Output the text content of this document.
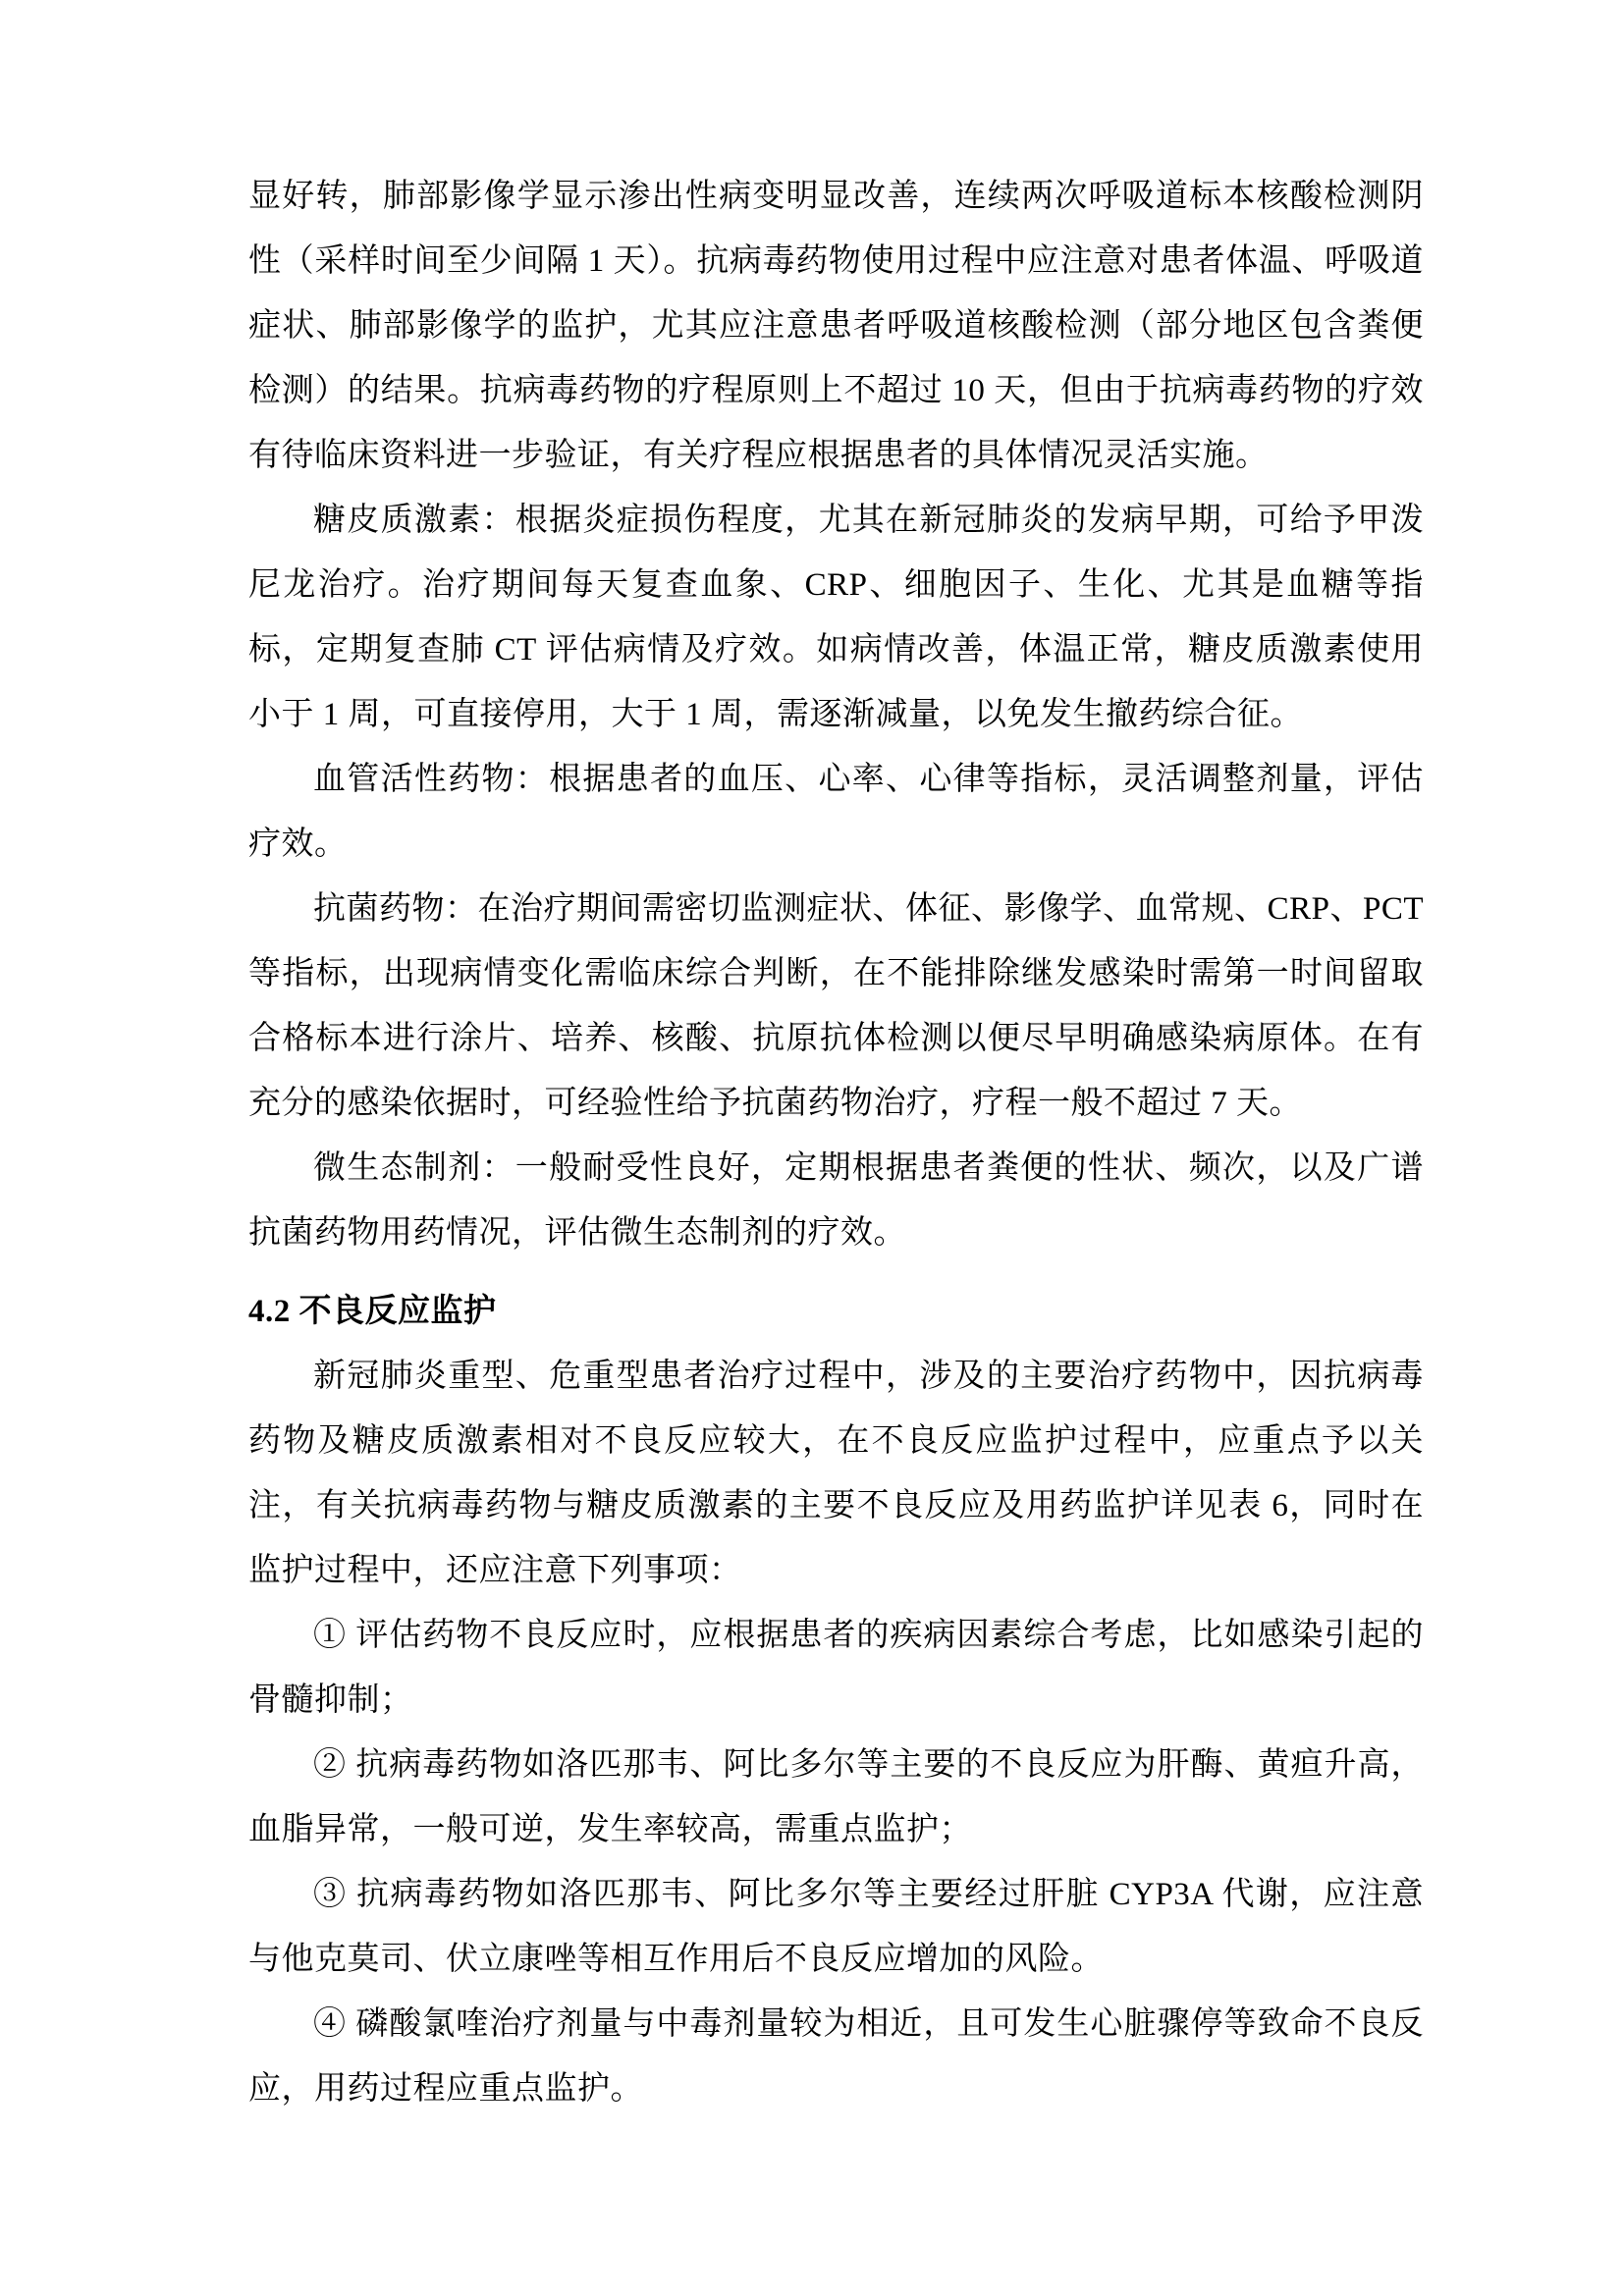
显好转，肺部影像学显示渗出性病变明显改善，连续两次呼吸道标本核酸检测阴性（采样时间至少间隔 1 天）。抗病毒药物使用过程中应注意对患者体温、呼吸道症状、肺部影像学的监护，尤其应注意患者呼吸道核酸检测（部分地区包含粪便检测）的结果。抗病毒药物的疗程原则上不超过 10 天，但由于抗病毒药物的疗效有待临床资料进一步验证，有关疗程应根据患者的具体情况灵活实施。

糖皮质激素：根据炎症损伤程度，尤其在新冠肺炎的发病早期，可给予甲泼尼龙治疗。治疗期间每天复查血象、CRP、细胞因子、生化、尤其是血糖等指标，定期复查肺 CT 评估病情及疗效。如病情改善，体温正常，糖皮质激素使用小于 1 周，可直接停用，大于 1 周，需逐渐减量，以免发生撤药综合征。

血管活性药物：根据患者的血压、心率、心律等指标，灵活调整剂量，评估疗效。

抗菌药物：在治疗期间需密切监测症状、体征、影像学、血常规、CRP、PCT 等指标，出现病情变化需临床综合判断，在不能排除继发感染时需第一时间留取合格标本进行涂片、培养、核酸、抗原抗体检测以便尽早明确感染病原体。在有充分的感染依据时，可经验性给予抗菌药物治疗，疗程一般不超过 7 天。

微生态制剂：一般耐受性良好，定期根据患者粪便的性状、频次，以及广谱抗菌药物用药情况，评估微生态制剂的疗效。

4.2 不良反应监护

新冠肺炎重型、危重型患者治疗过程中，涉及的主要治疗药物中，因抗病毒药物及糖皮质激素相对不良反应较大，在不良反应监护过程中，应重点予以关注，有关抗病毒药物与糖皮质激素的主要不良反应及用药监护详见表 6，同时在监护过程中，还应注意下列事项：

① 评估药物不良反应时，应根据患者的疾病因素综合考虑，比如感染引起的骨髓抑制；

② 抗病毒药物如洛匹那韦、阿比多尔等主要的不良反应为肝酶、黄疸升高，血脂异常，一般可逆，发生率较高，需重点监护；

③ 抗病毒药物如洛匹那韦、阿比多尔等主要经过肝脏 CYP3A 代谢，应注意与他克莫司、伏立康唑等相互作用后不良反应增加的风险。

④ 磷酸氯喹治疗剂量与中毒剂量较为相近，且可发生心脏骤停等致命不良反应，用药过程应重点监护。
